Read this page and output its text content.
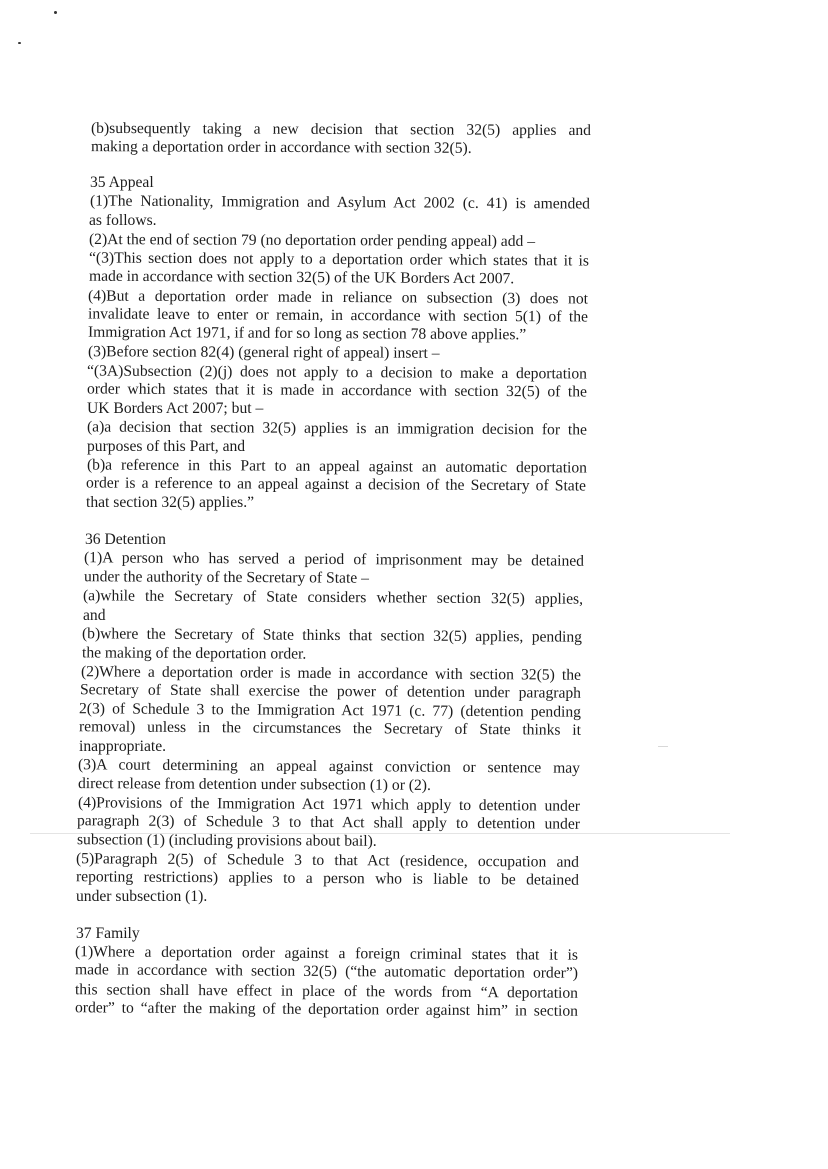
(b)subsequently taking a new decision that section 32(5) applies and

making a deportation order in accordance with section 32(5).

35 Appeal

(1)The Nationality, Immigration and Asylum Act 2002 (c. 41) is amended

as follows.

(2)At the end of section 79 (no deportation order pending appeal) add –

“(3)This section does not apply to a deportation order which states that it is

made in accordance with section 32(5) of the UK Borders Act 2007.

(4)But a deportation order made in reliance on subsection (3) does not

invalidate leave to enter or remain, in accordance with section 5(1) of the

Immigration Act 1971, if and for so long as section 78 above applies.”

(3)Before section 82(4) (general right of appeal) insert –

“(3A)Subsection (2)(j) does not apply to a decision to make a deportation

order which states that it is made in accordance with section 32(5) of the

UK Borders Act 2007; but –

(a)a decision that section 32(5) applies is an immigration decision for the

purposes of this Part, and

(b)a reference in this Part to an appeal against an automatic deportation

order is a reference to an appeal against a decision of the Secretary of State

that section 32(5) applies.”

36 Detention

(1)A person who has served a period of imprisonment may be detained

under the authority of the Secretary of State –

(a)while the Secretary of State considers whether section 32(5) applies,

and

(b)where the Secretary of State thinks that section 32(5) applies, pending

the making of the deportation order.

(2)Where a deportation order is made in accordance with section 32(5) the

Secretary of State shall exercise the power of detention under paragraph

2(3) of Schedule 3 to the Immigration Act 1971 (c. 77) (detention pending

removal) unless in the circumstances the Secretary of State thinks it

inappropriate.

(3)A court determining an appeal against conviction or sentence may

direct release from detention under subsection (1) or (2).

(4)Provisions of the Immigration Act 1971 which apply to detention under

paragraph 2(3) of Schedule 3 to that Act shall apply to detention under

subsection (1) (including provisions about bail).

(5)Paragraph 2(5) of Schedule 3 to that Act (residence, occupation and

reporting restrictions) applies to a person who is liable to be detained

under subsection (1).

37 Family

(1)Where a deportation order against a foreign criminal states that it is

made in accordance with section 32(5) (“the automatic deportation order”)

this section shall have effect in place of the words from “A deportation

order” to “after the making of the deportation order against him” in section
